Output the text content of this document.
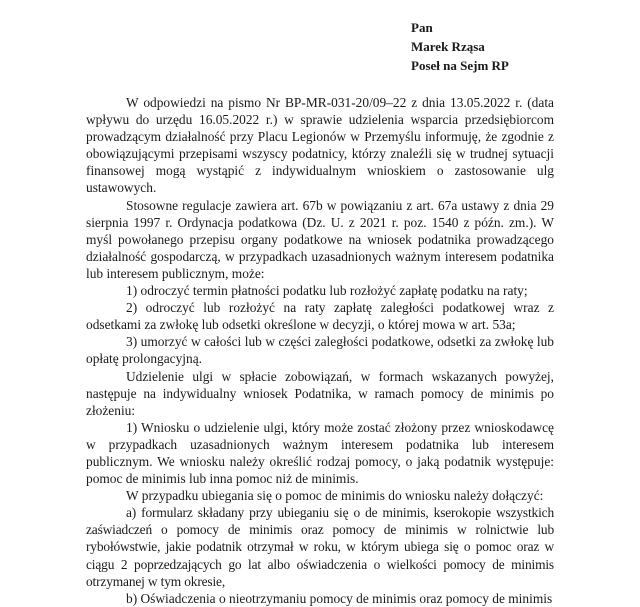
Pan
Marek Rząsa
Poseł na Sejm RP

W odpowiedzi na pismo Nr BP-MR-031-20/09–22 z dnia 13.05.2022 r. (data wpływu do urzędu 16.05.2022 r.) w sprawie udzielenia wsparcia przedsiębiorcom prowadzącym działalność przy Placu Legionów w Przemyślu informuję, że zgodnie z obowiązującymi przepisami wszyscy podatnicy, którzy znaleźli się w trudnej sytuacji finansowej mogą wystąpić z indywidualnym wnioskiem o zastosowanie ulg ustawowych.

Stosowne regulacje zawiera art. 67b w powiązaniu z art. 67a ustawy z dnia 29 sierpnia 1997 r. Ordynacja podatkowa (Dz. U. z 2021 r. poz. 1540 z późn. zm.). W myśl powołanego przepisu organy podatkowe na wniosek podatnika prowadzącego działalność gospodarczą, w przypadkach uzasadnionych ważnym interesem podatnika lub interesem publicznym, może:

1) odroczyć termin płatności podatku lub rozłożyć zapłatę podatku na raty;

2) odroczyć lub rozłożyć na raty zapłatę zaległości podatkowej wraz z odsetkami za zwłokę lub odsetki określone w decyzji, o której mowa w art. 53a;

3) umorzyć w całości lub w części zaległości podatkowe, odsetki za zwłokę lub opłatę prolongacyjną.

Udzielenie ulgi w spłacie zobowiązań, w formach wskazanych powyżej, następuje na indywidualny wniosek Podatnika, w ramach pomocy de minimis po złożeniu:

1) Wniosku o udzielenie ulgi, który może zostać złożony przez wnioskodawcę w przypadkach uzasadnionych ważnym interesem podatnika lub interesem publicznym. We wniosku należy określić rodzaj pomocy, o jaką podatnik występuje: pomoc de minimis lub inna pomoc niż de minimis.

W przypadku ubiegania się o pomoc de minimis do wniosku należy dołączyć:

a) formularz składany przy ubieganiu się o de minimis, kserokopie wszystkich zaświadczeń o pomocy de minimis oraz pomocy de minimis w rolnictwie lub rybołówstwie, jakie podatnik otrzymał w roku, w którym ubiega się o pomoc oraz w ciągu 2 poprzedzających go lat albo oświadczenia o wielkości pomocy de minimis otrzymanej w tym okresie,

b) Oświadczenia o nieotrzymaniu pomocy de minimis oraz pomocy de minimis
